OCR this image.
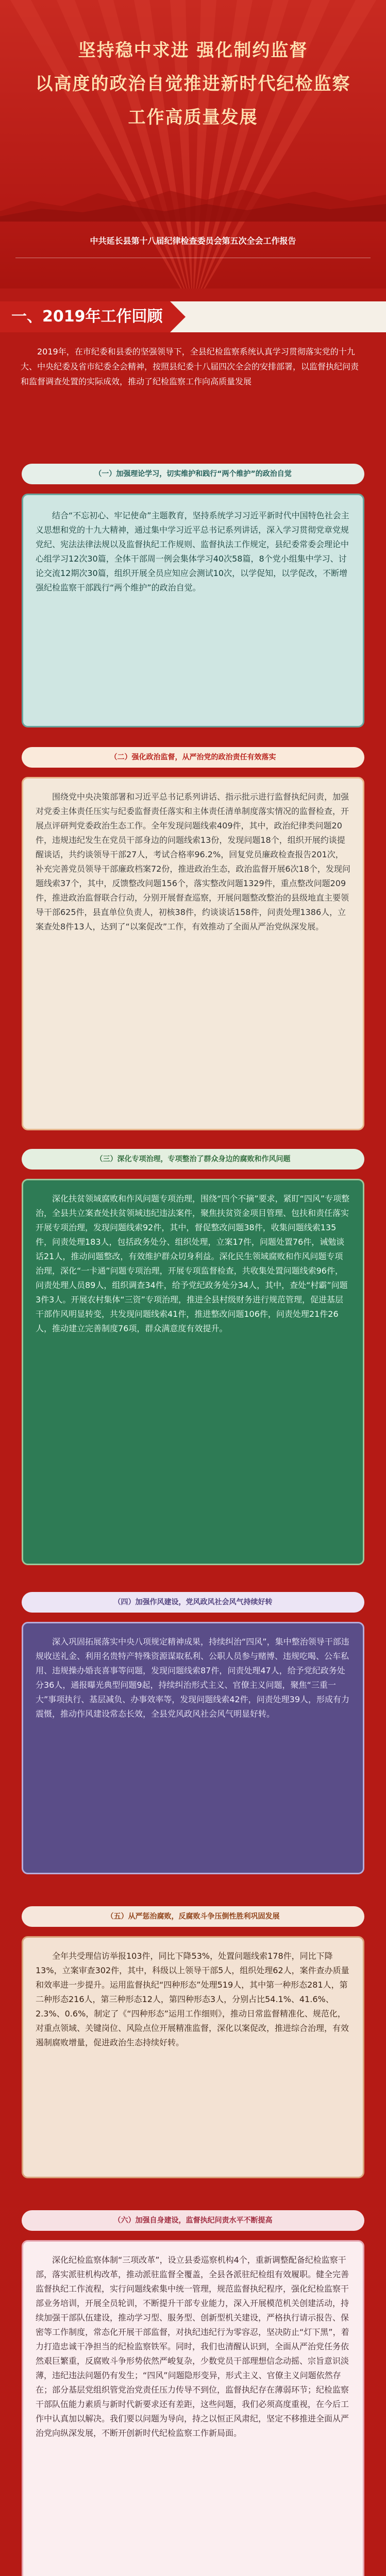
坚持稳中求进 强化制约监督
以高度的政治自觉推进新时代纪检监察
工作高质量发展
中共延长县第十八届纪律检查委员会第五次全会工作报告
一、2019年工作回顾

2019年，在市纪委和县委的坚强领导下，全县纪检监察系统认真学习贯彻落实党的十九大、中央纪委及省市纪委全会精神，按照县纪委十八届四次全会的安排部署，以监督执纪问责和监督调查处置的实际成效，推动了纪检监察工作向高质量发展

（一）加强理论学习，切实维护和践行“两个维护”的政治自觉

结合“不忘初心、牢记使命”主题教育，坚持系统学习习近平新时代中国特色社会主义思想和党的十九大精神，通过集中学习近平总书记系列讲话，深入学习贯彻党章党规党纪、宪法法律法规以及监督执纪工作规则、监督执法工作规定，县纪委常委会理论中心组学习12次30篇，全体干部周一例会集体学习40次58篇，8个党小组集中学习、讨论交流12期次30篇，组织开展全员应知应会测试10次，以学促知，以学促改，不断增强纪检监察干部践行“两个维护”的政治自觉。

（二）强化政治监督，从严治党的政治责任有效落实

围绕党中央决策部署和习近平总书记系列讲话、指示批示进行监督执纪问责，加强对党委主体责任压实与纪委监督责任落实和主体责任清单制度落实情况的监督检查，开展点评研判党委政治生态工作。全年发现问题线索409件，其中，政治纪律类问题20件，违规违纪发生在党员干部身边的问题线索13份，发现问题18个，组织开展约谈提醒谈话，共约谈领导干部27人，考试合格率96.2%，回复党员廉政检查报告201次，补充完善党员领导干部廉政档案72份，推进政治生态，政治监督开展6次18个，发现问题线索37个，其中，反馈整改问题156个，落实整改问题1329件，重点整改问题209件，推进政治监督联合行动，分别开展督查巡察，开展问题整改整治的县级地直主要领导干部625件，县直单位负责人，初核38件，约谈谈话158件，问责处理1386人，立案查处8件13人，达到了“以案促改”工作，有效推动了全面从严治党纵深发展。

（三）深化专项治理，专项整治了群众身边的腐败和作风问题

深化扶贫领域腐败和作风问题专项治理，围绕“四个不摘”要求，紧盯“四风”专项整治，全县共立案查处扶贫领域违纪违法案件，聚焦扶贫资金项目管理、包扶和责任落实开展专项治理，发现问题线索92件，其中，督促整改问题38件，收集问题线索135件，问责处理183人，包括政务处分、组织处理，立案17件，问题处置76件，诫勉谈话21人，推动问题整改，有效维护群众切身利益。深化民生领域腐败和作风问题专项治理，深化“一卡通”问题专项治理，开展专项监督检查，共收集处置问题线索96件，问责处理人员89人，组织调查34件，给予党纪政务处分34人，其中，查处“村霸”问题3件3人。开展农村集体“三资”专项治理，推进全县村级财务进行规范管理，促进基层干部作风明显转变，共发现问题线索41件，推进整改问题106件，问责处理21件26人，推动建立完善制度76项，群众满意度有效提升。

（四）加强作风建设，党风政风社会风气持续好转

深入巩固拓展落实中央八项规定精神成果，持续纠治“四风”，集中整治领导干部违规收送礼金、利用名贵特产特殊资源谋取私利、公职人员参与赌博、违规吃喝、公车私用、违规操办婚丧喜事等问题，发现问题线索87件，问责处理47人，给予党纪政务处分36人，通报曝光典型问题9起，持续纠治形式主义、官僚主义问题，聚焦“三重一大”事项执行、基层减负、办事效率等，发现问题线索42件，问责处理39人，形成有力震慑，推动作风建设常态长效，全县党风政风社会风气明显好转。

（五）从严惩治腐败，反腐败斗争压倒性胜利巩固发展

全年共受理信访举报103件，同比下降53%，处置问题线索178件，同比下降13%，立案审查302件，其中，科级以上领导干部5人，组织处理62人，案件查办质量和效率进一步提升。运用监督执纪“四种形态”处理519人，其中第一种形态281人，第二种形态216人，第三种形态12人，第四种形态3人，分别占比54.1%、41.6%、2.3%、0.6%，制定了《“四种形态”运用工作细则》，推动日常监督精准化、规范化，对重点领域、关键岗位、风险点位开展精准监督，深化以案促改，推进综合治理，有效遏制腐败增量，促进政治生态持续好转。

（六）加强自身建设，监督执纪问责水平不断提高

深化纪检监察体制“三项改革”，设立县委巡察机构4个，重新调整配备纪检监察干部，落实派驻机构改革，推动派驻监督全覆盖，全县各派驻纪检组有效履职。健全完善监督执纪工作流程，实行问题线索集中统一管理，规范监督执纪程序，强化纪检监察干部业务培训，开展全员轮训，不断提升干部专业能力，深入开展模范机关创建活动，持续加强干部队伍建设，推动学习型、服务型、创新型机关建设，严格执行请示报告、保密等工作制度，常态化开展干部监督，对执纪违纪行为零容忍，坚决防止“灯下黑”，着力打造忠诚干净担当的纪检监察铁军。同时，我们也清醒认识到，全面从严治党任务依然艰巨繁重，反腐败斗争形势依然严峻复杂，少数党员干部理想信念动摇、宗旨意识淡薄，违纪违法问题仍有发生；“四风”问题隐形变异，形式主义、官僚主义问题依然存在；部分基层党组织管党治党责任压力传导不到位，监督执纪存在薄弱环节；纪检监察干部队伍能力素质与新时代新要求还有差距，这些问题，我们必须高度重视，在今后工作中认真加以解决。我们要以问题为导向，持之以恒正风肃纪，坚定不移推进全面从严治党向纵深发展，不断开创新时代纪检监察工作新局面。
